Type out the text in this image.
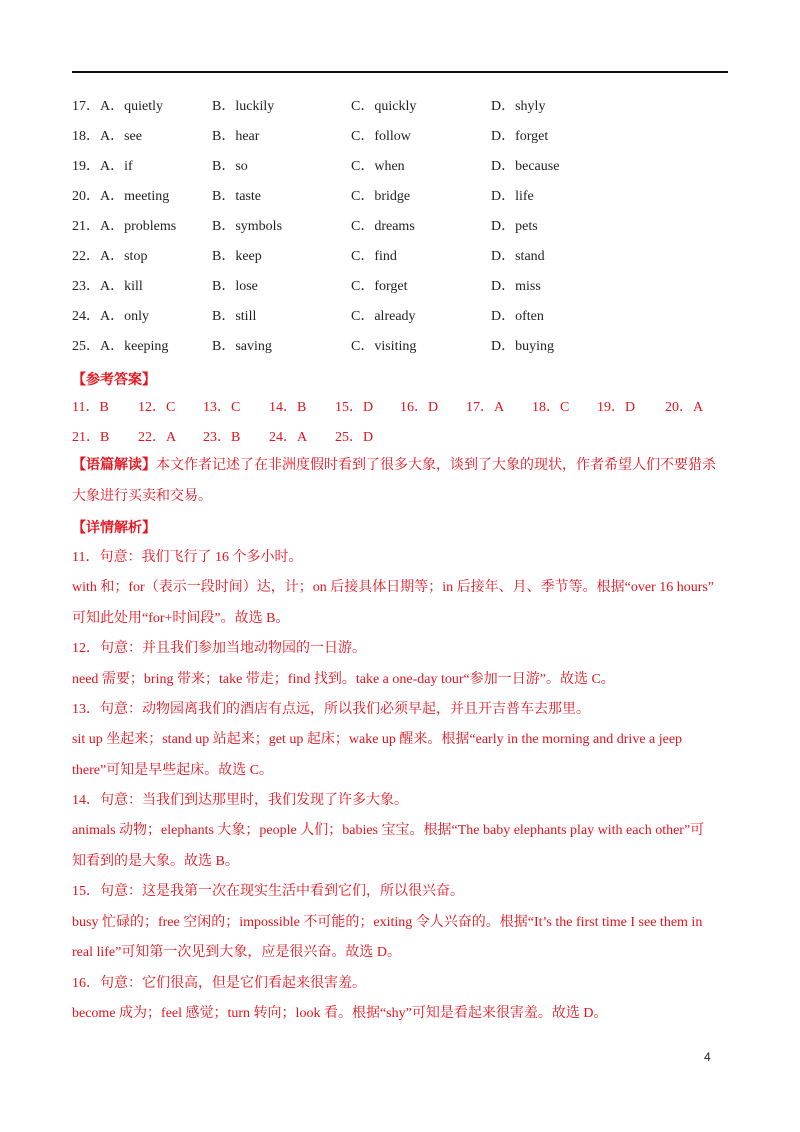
17．A．quietly	B．luckily	C．quickly	D．shyly
18．A．see	B．hear	C．follow	D．forget
19．A．if	B．so	C．when	D．because
20．A．meeting	B．taste	C．bridge	D．life
21．A．problems	B．symbols	C．dreams	D．pets
22．A．stop	B．keep	C．find	D．stand
23．A．kill	B．lose	C．forget	D．miss
24．A．only	B．still	C．already	D．often
25．A．keeping	B．saving	C．visiting	D．buying
【参考答案】
11．B 12．C 13．C 14．B 15．D 16．D 17．A 18．C 19．D 20．A
21．B 22．A 23．B 24．A 25．D
【语篇解读】本文作者记述了在非洲度假时看到了很多大象，谈到了大象的现状，作者希望人们不要猎杀
大象进行买卖和交易。
【详情解析】
11．句意：我们飞行了 16 个多小时。
with 和；for（表示一段时间）达，计；on 后接具体日期等；in 后接年、月、季节等。根据“over 16 hours”
可知此处用“for+时间段”。故选 B。
12．句意：并且我们参加当地动物园的一日游。
need 需要；bring 带来；take 带走；find 找到。take a one-day tour“参加一日游”。故选 C。
13．句意：动物园离我们的酒店有点远，所以我们必须早起，并且开吉普车去那里。
sit up 坐起来；stand up 站起来；get up 起床；wake up 醒来。根据“early in the morning and drive a jeep
there”可知是早些起床。故选 C。
14．句意：当我们到达那里时，我们发现了许多大象。
animals 动物；elephants 大象；people 人们；babies 宝宝。根据“The baby elephants play with each other”可
知看到的是大象。故选 B。
15．句意：这是我第一次在现实生活中看到它们，所以很兴奋。
busy 忙碌的；free 空闲的；impossible 不可能的；exiting 令人兴奋的。根据“It’s the first time I see them in
real life”可知第一次见到大象，应是很兴奋。故选 D。
16．句意：它们很高，但是它们看起来很害羞。
become 成为；feel 感觉；turn 转向；look 看。根据“shy”可知是看起来很害羞。故选 D。
4
